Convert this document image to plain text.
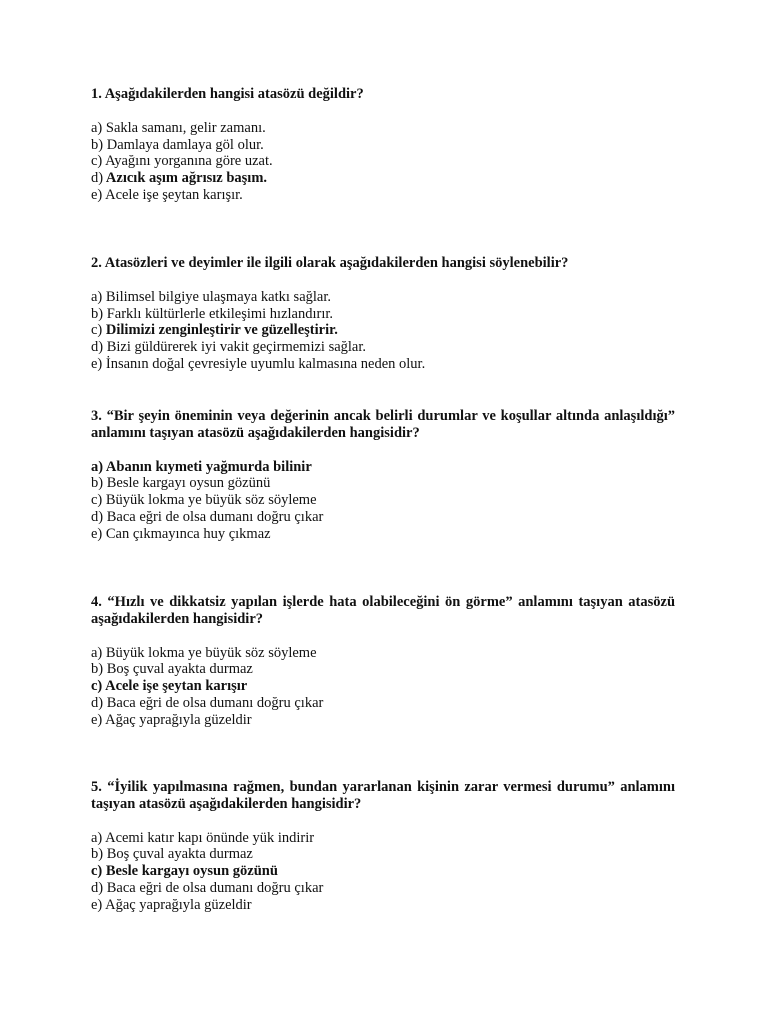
1. Aşağıdakilerden hangisi atasözü değildir?

a) Sakla samanı, gelir zamanı.

b) Damlaya damlaya göl olur.

c) Ayağını yorganına göre uzat.

d) Azıcık aşım ağrısız başım.

e) Acele işe şeytan karışır.

2. Atasözleri ve deyimler ile ilgili olarak aşağıdakilerden hangisi söylenebilir?

a) Bilimsel bilgiye ulaşmaya katkı sağlar.

b) Farklı kültürlerle etkileşimi hızlandırır.

c) Dilimizi zenginleştirir ve güzelleştirir.

d) Bizi güldürerek iyi vakit geçirmemizi sağlar.

e) İnsanın doğal çevresiyle uyumlu kalmasına neden olur.

3. “Bir şeyin öneminin veya değerinin ancak belirli durumlar ve koşullar altında anlaşıldığı” anlamını taşıyan atasözü aşağıdakilerden hangisidir?

a) Abanın kıymeti yağmurda bilinir

b) Besle kargayı oysun gözünü

c) Büyük lokma ye büyük söz söyleme

d) Baca eğri de olsa dumanı doğru çıkar

e) Can çıkmayınca huy çıkmaz

4. “Hızlı ve dikkatsiz yapılan işlerde hata olabileceğini ön görme” anlamını taşıyan atasözü aşağıdakilerden hangisidir?

a) Büyük lokma ye büyük söz söyleme

b) Boş çuval ayakta durmaz

c) Acele işe şeytan karışır

d) Baca eğri de olsa dumanı doğru çıkar

e) Ağaç yaprağıyla güzeldir

5. “İyilik yapılmasına rağmen, bundan yararlanan kişinin zarar vermesi durumu” anlamını taşıyan atasözü aşağıdakilerden hangisidir?

a) Acemi katır kapı önünde yük indirir

b) Boş çuval ayakta durmaz

c) Besle kargayı oysun gözünü

d) Baca eğri de olsa dumanı doğru çıkar

e) Ağaç yaprağıyla güzeldir
